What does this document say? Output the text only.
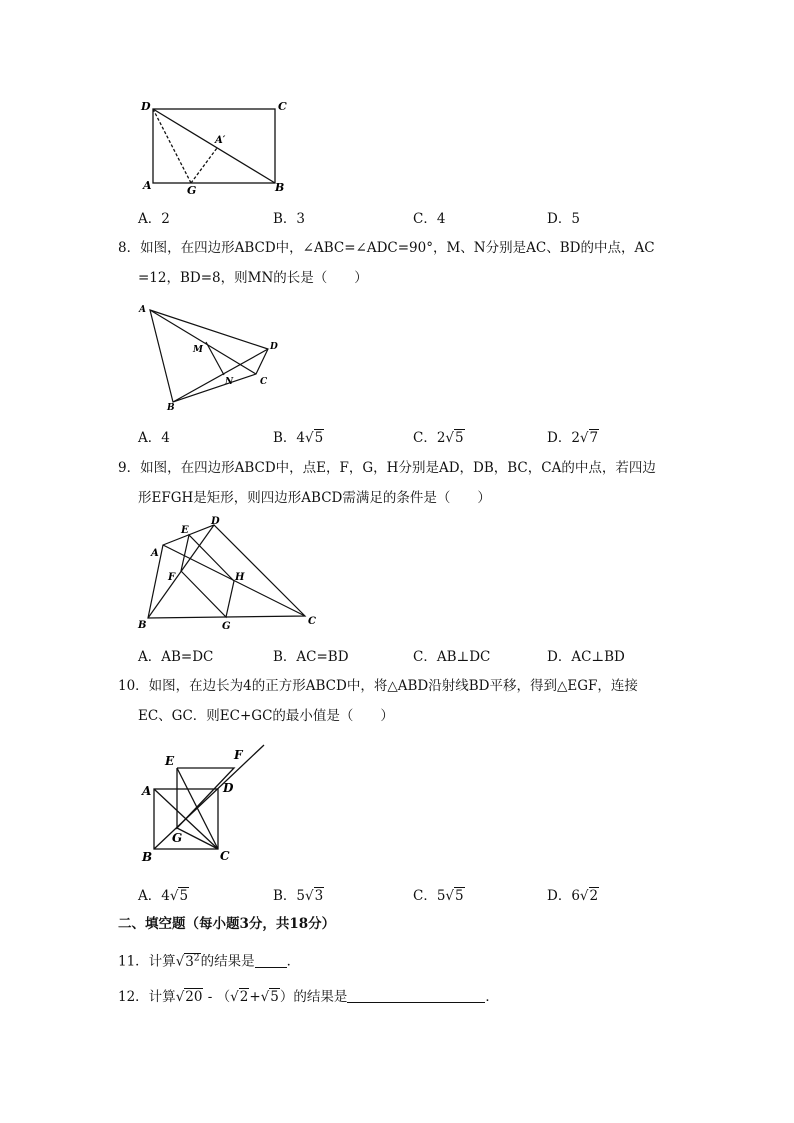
D	C
A	B
G
A′
A．2	B．3	C．4	D．5
8．如图，在四边形ABCD中，∠ABC=∠ADC=90°，M、N分别是AC、BD的中点，AC
=12，BD=8，则MN的长是（　　）
A
B
C
D
M
N
A．4	B．4√5	C．2√5	D．2√7
9．如图，在四边形ABCD中，点E，F，G，H分别是AD，DB，BC，CA的中点，若四边
形EFGH是矩形，则四边形ABCD需满足的条件是（　　）
A
B	C
D
E
F
G
H
A．AB=DC	B．AC=BD	C．AB⊥DC	D．AC⊥BD
10．如图，在边长为4的正方形ABCD中，将△ABD沿射线BD平移，得到△EGF，连接
EC、GC．则EC+GC的最小值是（　　）
E	F
A	D
G
B	C
A．4√5	B．5√3	C．5√5	D．6√2
二、填空题（每小题3分，共18分）
11．计算$√3^2$的结果是 ．
12．计算√20 - （√2+√5）的结果是	．
